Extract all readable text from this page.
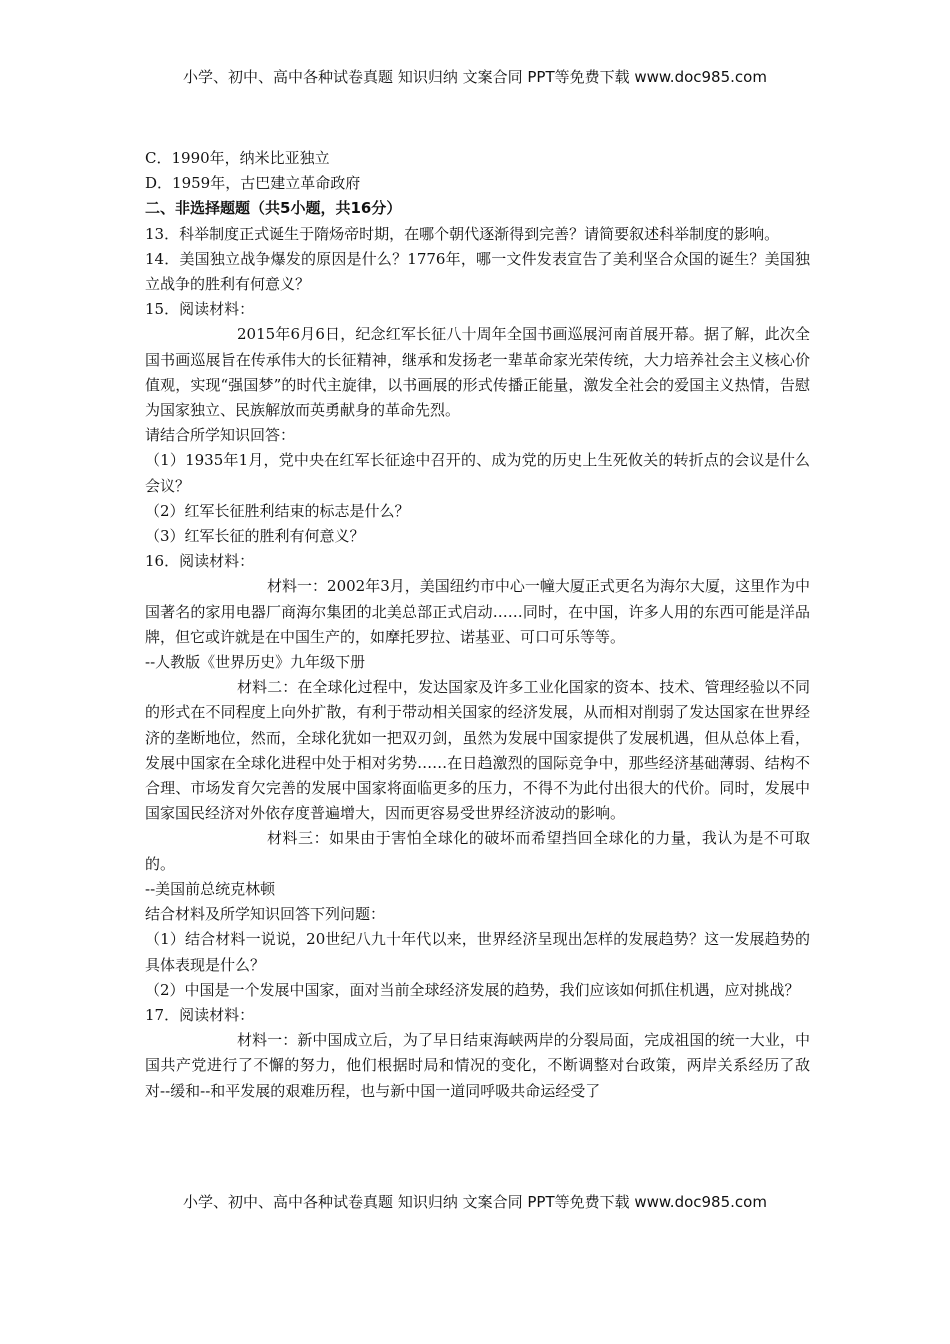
小学、初中、高中各种试卷真题 知识归纳 文案合同 PPT等免费下载 www.doc985.com
C．1990年，纳米比亚独立
D．1959年，古巴建立革命政府
二、非选择题题（共5小题，共16分）
13．科举制度正式诞生于隋炀帝时期，在哪个朝代逐渐得到完善？请简要叙述科举制度的影响。
14．美国独立战争爆发的原因是什么？1776年，哪一文件发表宣告了美利坚合众国的诞生？美国独立战争的胜利有何意义？
15．阅读材料：
2015年6月6日，纪念红军长征八十周年全国书画巡展河南首展开幕。据了解，此次全国书画巡展旨在传承伟大的长征精神，继承和发扬老一辈革命家光荣传统，大力培养社会主义核心价值观，实现“强国梦”的时代主旋律，以书画展的形式传播正能量，激发全社会的爱国主义热情，告慰为国家独立、民族解放而英勇献身的革命先烈。
请结合所学知识回答：
（1）1935年1月，党中央在红军长征途中召开的、成为党的历史上生死攸关的转折点的会议是什么会议？
（2）红军长征胜利结束的标志是什么？
（3）红军长征的胜利有何意义？
16．阅读材料：
材料一：2002年3月，美国纽约市中心一幢大厦正式更名为海尔大厦，这里作为中国著名的家用电器厂商海尔集团的北美总部正式启动……同时，在中国，许多人用的东西可能是洋品牌，但它或许就是在中国生产的，如摩托罗拉、诺基亚、可口可乐等等。
--人教版《世界历史》九年级下册
材料二：在全球化过程中，发达国家及许多工业化国家的资本、技术、管理经验以不同的形式在不同程度上向外扩散，有利于带动相关国家的经济发展，从而相对削弱了发达国家在世界经济的垄断地位，然而，全球化犹如一把双刃剑，虽然为发展中国家提供了发展机遇，但从总体上看，发展中国家在全球化进程中处于相对劣势……在日趋激烈的国际竞争中，那些经济基础薄弱、结构不合理、市场发育欠完善的发展中国家将面临更多的压力，不得不为此付出很大的代价。同时，发展中国家国民经济对外依存度普遍增大，因而更容易受世界经济波动的影响。
材料三：如果由于害怕全球化的破坏而希望挡回全球化的力量，我认为是不可取的。
--美国前总统克林顿
结合材料及所学知识回答下列问题：
（1）结合材料一说说，20世纪八九十年代以来，世界经济呈现出怎样的发展趋势？这一发展趋势的具体表现是什么？
（2）中国是一个发展中国家，面对当前全球经济发展的趋势，我们应该如何抓住机遇，应对挑战？
17．阅读材料：
材料一：新中国成立后，为了早日结束海峡两岸的分裂局面，完成祖国的统一大业，中国共产党进行了不懈的努力，他们根据时局和情况的变化，不断调整对台政策，两岸关系经历了敌对--缓和--和平发展的艰难历程，也与新中国一道同呼吸共命运经受了
小学、初中、高中各种试卷真题 知识归纳 文案合同 PPT等免费下载 www.doc985.com
